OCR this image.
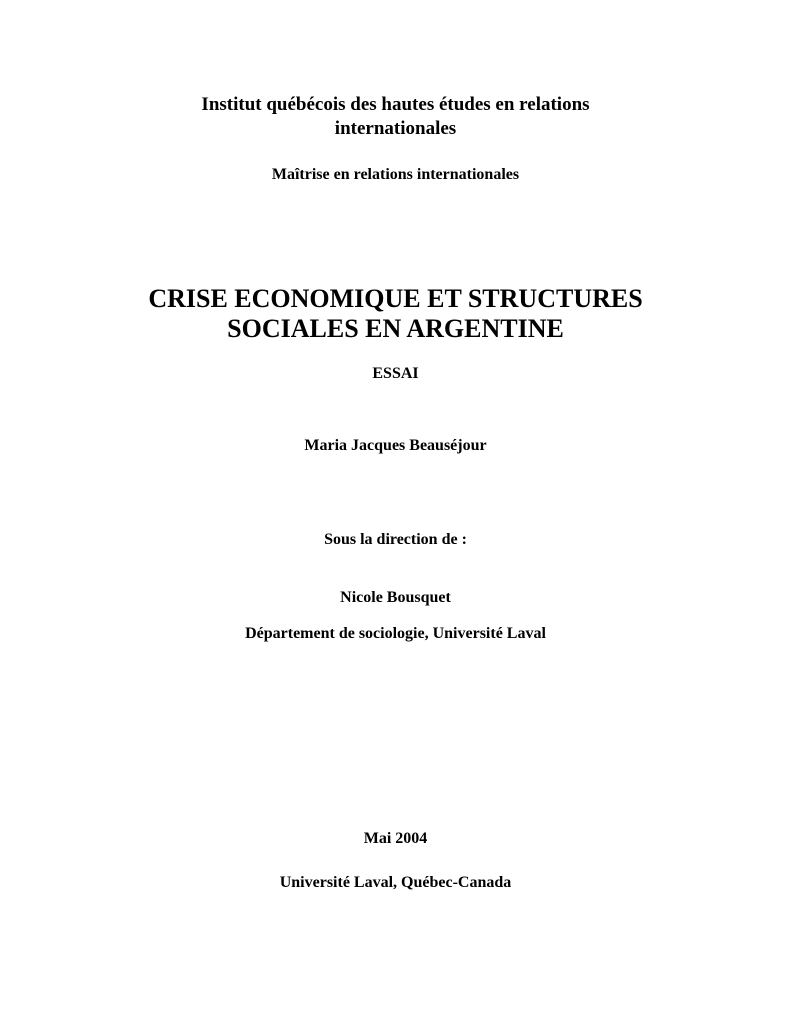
Institut québécois des hautes études en relations
internationales
Maîtrise en relations internationales
CRISE ECONOMIQUE ET STRUCTURES
SOCIALES EN ARGENTINE
ESSAI
Maria Jacques Beauséjour
Sous la direction de :
Nicole Bousquet
Département de sociologie, Université Laval
Mai 2004
Université Laval, Québec-Canada
